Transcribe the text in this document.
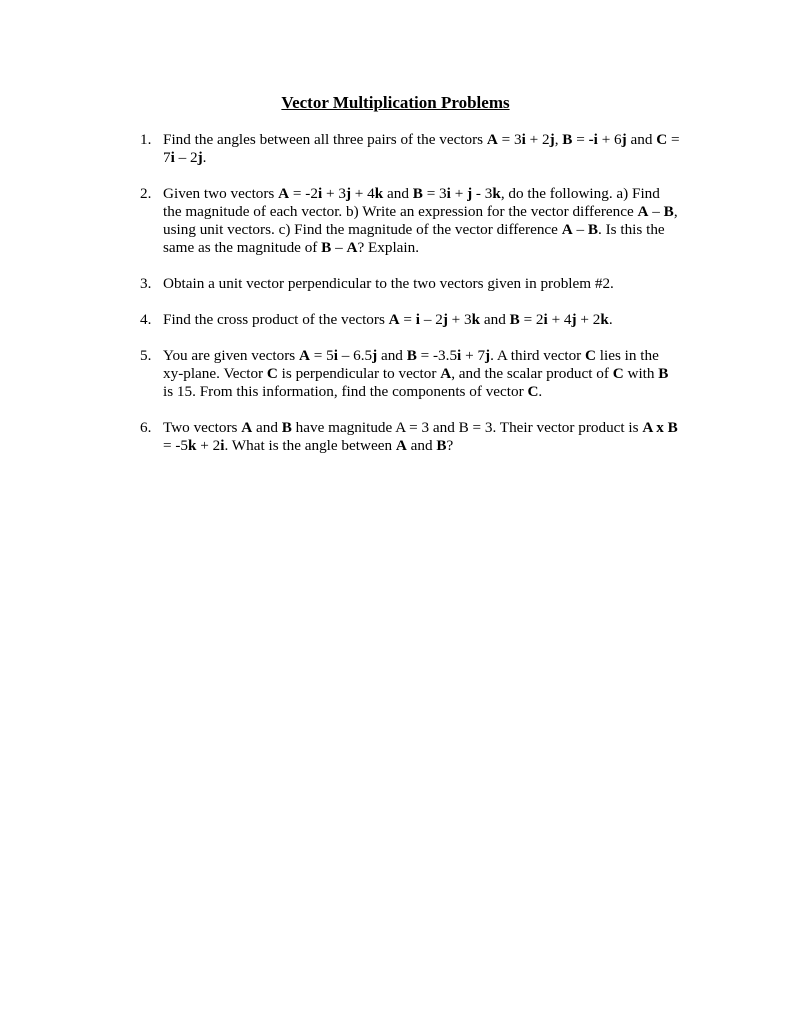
Vector Multiplication Problems
1. Find the angles between all three pairs of the vectors A = 3i + 2j, B = -i + 6j and C = 7i – 2j.
2. Given two vectors A = -2i + 3j + 4k and B = 3i + j - 3k, do the following. a) Find the magnitude of each vector. b) Write an expression for the vector difference A – B, using unit vectors. c) Find the magnitude of the vector difference A – B. Is this the same as the magnitude of B – A? Explain.
3. Obtain a unit vector perpendicular to the two vectors given in problem #2.
4. Find the cross product of the vectors A = i – 2j + 3k and B = 2i + 4j + 2k.
5. You are given vectors A = 5i – 6.5j and B = -3.5i + 7j. A third vector C lies in the xy-plane. Vector C is perpendicular to vector A, and the scalar product of C with B is 15. From this information, find the components of vector C.
6. Two vectors A and B have magnitude A = 3 and B = 3. Their vector product is A x B = -5k + 2i. What is the angle between A and B?
